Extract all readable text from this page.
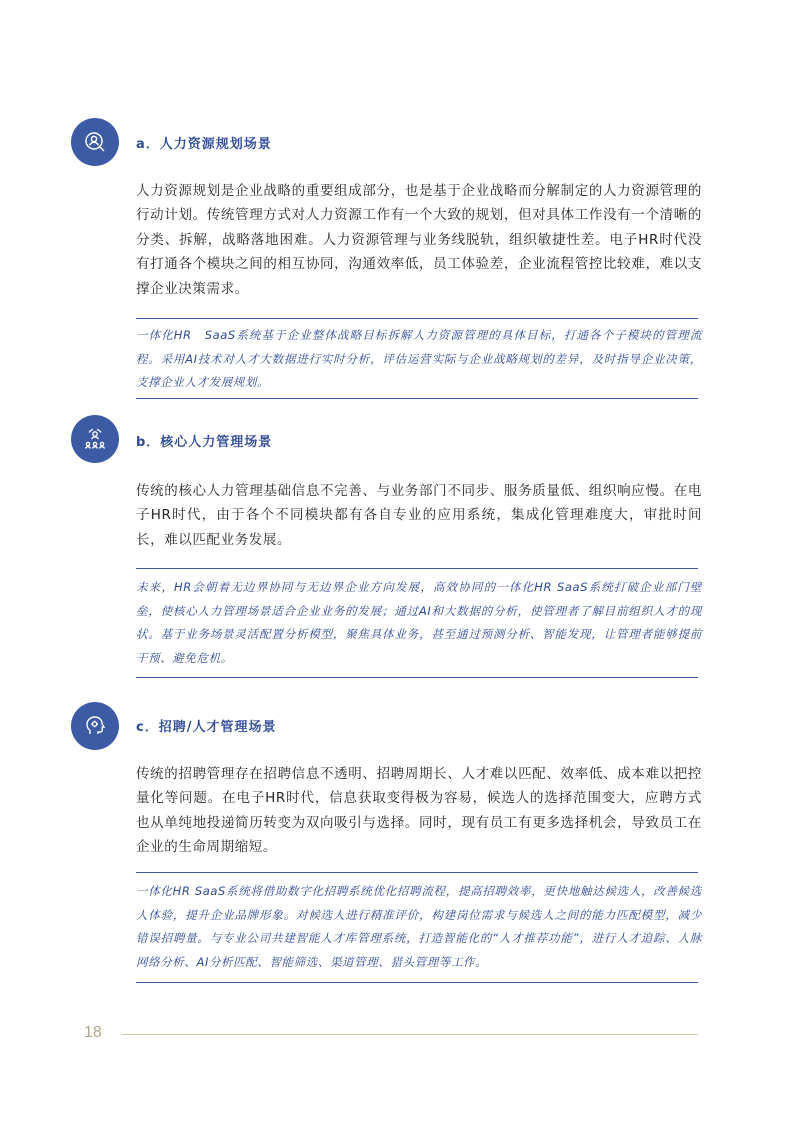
a．人力资源规划场景

人力资源规划是企业战略的重要组成部分，也是基于企业战略而分解制定的人力资源管理的行动计划。传统管理方式对人力资源工作有一个大致的规划，但对具体工作没有一个清晰的分类、拆解，战略落地困难。人力资源管理与业务线脱轨，组织敏捷性差。电子HR时代没有打通各个模块之间的相互协同，沟通效率低，员工体验差，企业流程管控比较难，难以支撑企业决策需求。

一体化HR　SaaS系统基于企业整体战略目标拆解人力资源管理的具体目标，打通各个子模块的管理流程。采用AI技术对人才大数据进行实时分析，评估运营实际与企业战略规划的差异，及时指导企业决策，支撑企业人才发展规划。

b．核心人力管理场景

传统的核心人力管理基础信息不完善、与业务部门不同步、服务质量低、组织响应慢。在电子HR时代，由于各个不同模块都有各自专业的应用系统，集成化管理难度大，审批时间长，难以匹配业务发展。

未来，HR会朝着无边界协同与无边界企业方向发展，高效协同的一体化HR SaaS系统打破企业部门壁垒，使核心人力管理场景适合企业业务的发展；通过AI和大数据的分析，使管理者了解目前组织人才的现状。基于业务场景灵活配置分析模型，聚焦具体业务，甚至通过预测分析、智能发现，让管理者能够提前干预、避免危机。

c．招聘/人才管理场景

传统的招聘管理存在招聘信息不透明、招聘周期长、人才难以匹配、效率低、成本难以把控量化等问题。在电子HR时代，信息获取变得极为容易，候选人的选择范围变大，应聘方式也从单纯地投递简历转变为双向吸引与选择。同时，现有员工有更多选择机会，导致员工在企业的生命周期缩短。

一体化HR SaaS系统将借助数字化招聘系统优化招聘流程，提高招聘效率，更快地触达候选人，改善候选人体验，提升企业品牌形象。对候选人进行精准评价，构建岗位需求与候选人之间的能力匹配模型，减少错误招聘量。与专业公司共建智能人才库管理系统，打造智能化的“人才推荐功能”，进行人才追踪、人脉网络分析、AI分析匹配、智能筛选、渠道管理、猎头管理等工作。

18
